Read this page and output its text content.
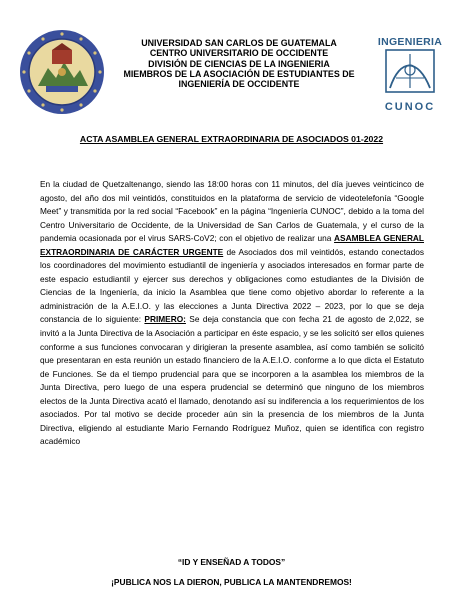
UNIVERSIDAD SAN CARLOS DE GUATEMALA
CENTRO UNIVERSITARIO DE OCCIDENTE
DIVISIÓN DE CIENCIAS DE LA INGENIERIA
MIEMBROS DE LA ASOCIACIÓN DE ESTUDIANTES DE
INGENIERÍA DE OCCIDENTE
INGENIERIA
CUNOC
ACTA ASAMBLEA GENERAL EXTRAORDINARIA DE ASOCIADOS 01-2022
En la ciudad de Quetzaltenango, siendo las 18:00 horas con 11 minutos, del día jueves veinticinco de agosto, del año dos mil veintidós, constituidos en la plataforma de servicio de videotelefonía “Google Meet” y transmitida por la red social “Facebook” en la página “Ingeniería CUNOC”, debido a la toma del Centro Universitario de Occidente, de la Universidad de San Carlos de Guatemala, y el curso de la pandemia ocasionada por el virus SARS-CoV2; con el objetivo de realizar una ASAMBLEA GENERAL EXTRAORDINARIA DE CARÁCTER URGENTE de Asociados dos mil veintidós, estando conectados los coordinadores del movimiento estudiantil de ingeniería y asociados interesados en formar parte de este espacio estudiantil y ejercer sus derechos y obligaciones como estudiantes de la División de Ciencias de la Ingeniería, da inicio la Asamblea que tiene como objetivo abordar lo referente a la administración de la A.E.I.O. y las elecciones a Junta Directiva 2022 – 2023, por lo que se deja constancia de lo siguiente: PRIMERO: Se deja constancia que con fecha 21 de agosto de 2,022, se invitó a la Junta Directiva de la Asociación a participar en éste espacio, y se les solicitó ser ellos quienes conforme a sus funciones convocaran y dirigieran la presente asamblea, así como también se solicitó que presentaran en esta reunión un estado financiero de la A.E.I.O. conforme a lo que dicta el Estatuto de Funciones. Se da el tiempo prudencial para que se incorporen a la asamblea los miembros de la Junta Directiva, pero luego de una espera prudencial se determinó que ninguno de los miembros electos de la Junta Directiva acató el llamado, denotando así su indiferencia a los requerimientos de los asociados. Por tal motivo se decide proceder aún sin la presencia de los miembros de la Junta Directiva, eligiendo al estudiante Mario Fernando Rodríguez Muñoz, quien se identifica con registro académico
“ID Y ENSEÑAD A TODOS”
¡PUBLICA NOS LA DIERON, PUBLICA LA MANTENDREMOS!
